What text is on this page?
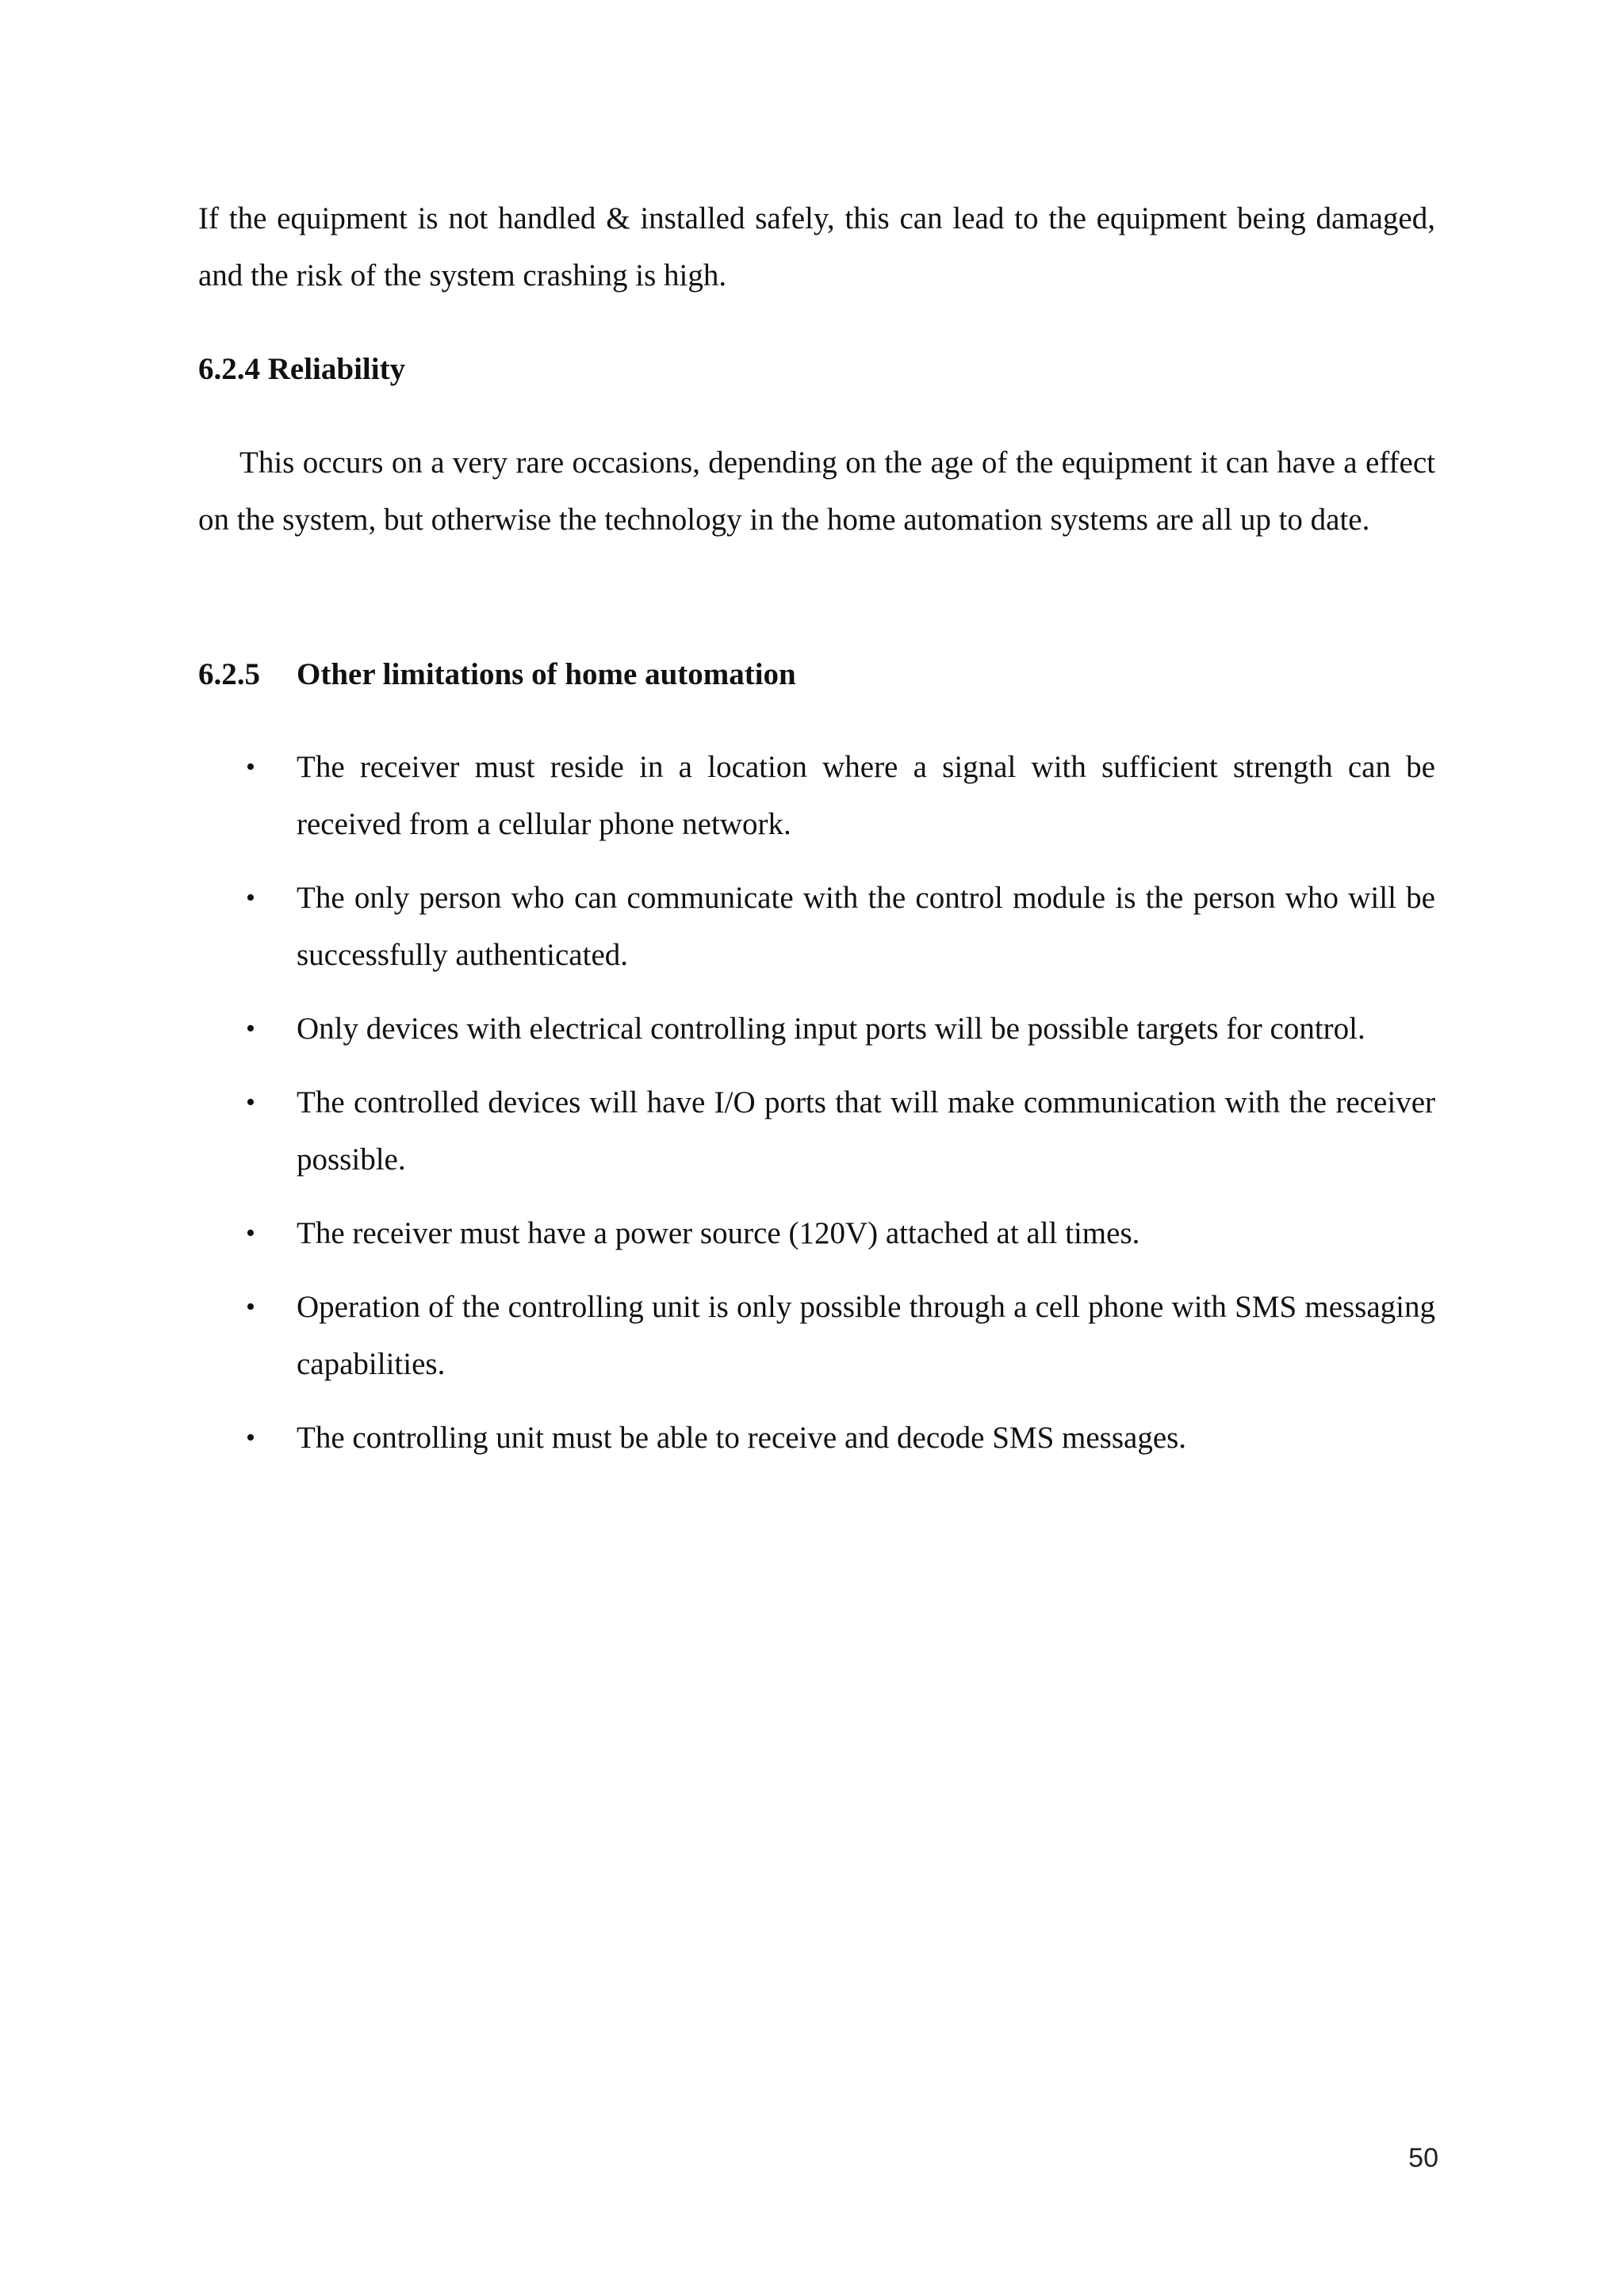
If the equipment is not handled & installed safely, this can lead to the equipment being damaged, and the risk of the system crashing is high.

6.2.4 Reliability

This occurs on a very rare occasions, depending on the age of the equipment it can have a effect on the system, but otherwise the technology in the home automation systems are all up to date.

6.2.5 Other limitations of home automation
•	The receiver must reside in a location where a signal with sufficient strength can be received from a cellular phone network.
•	The only person who can communicate with the control module is the person who will be successfully authenticated.
•	Only devices with electrical controlling input ports will be possible targets for control.
•	The controlled devices will have I/O ports that will make communication with the receiver possible.
•	The receiver must have a power source (120V) attached at all times.
•	Operation of the controlling unit is only possible through a cell phone with SMS messaging capabilities.
•	The controlling unit must be able to receive and decode SMS messages.
50
